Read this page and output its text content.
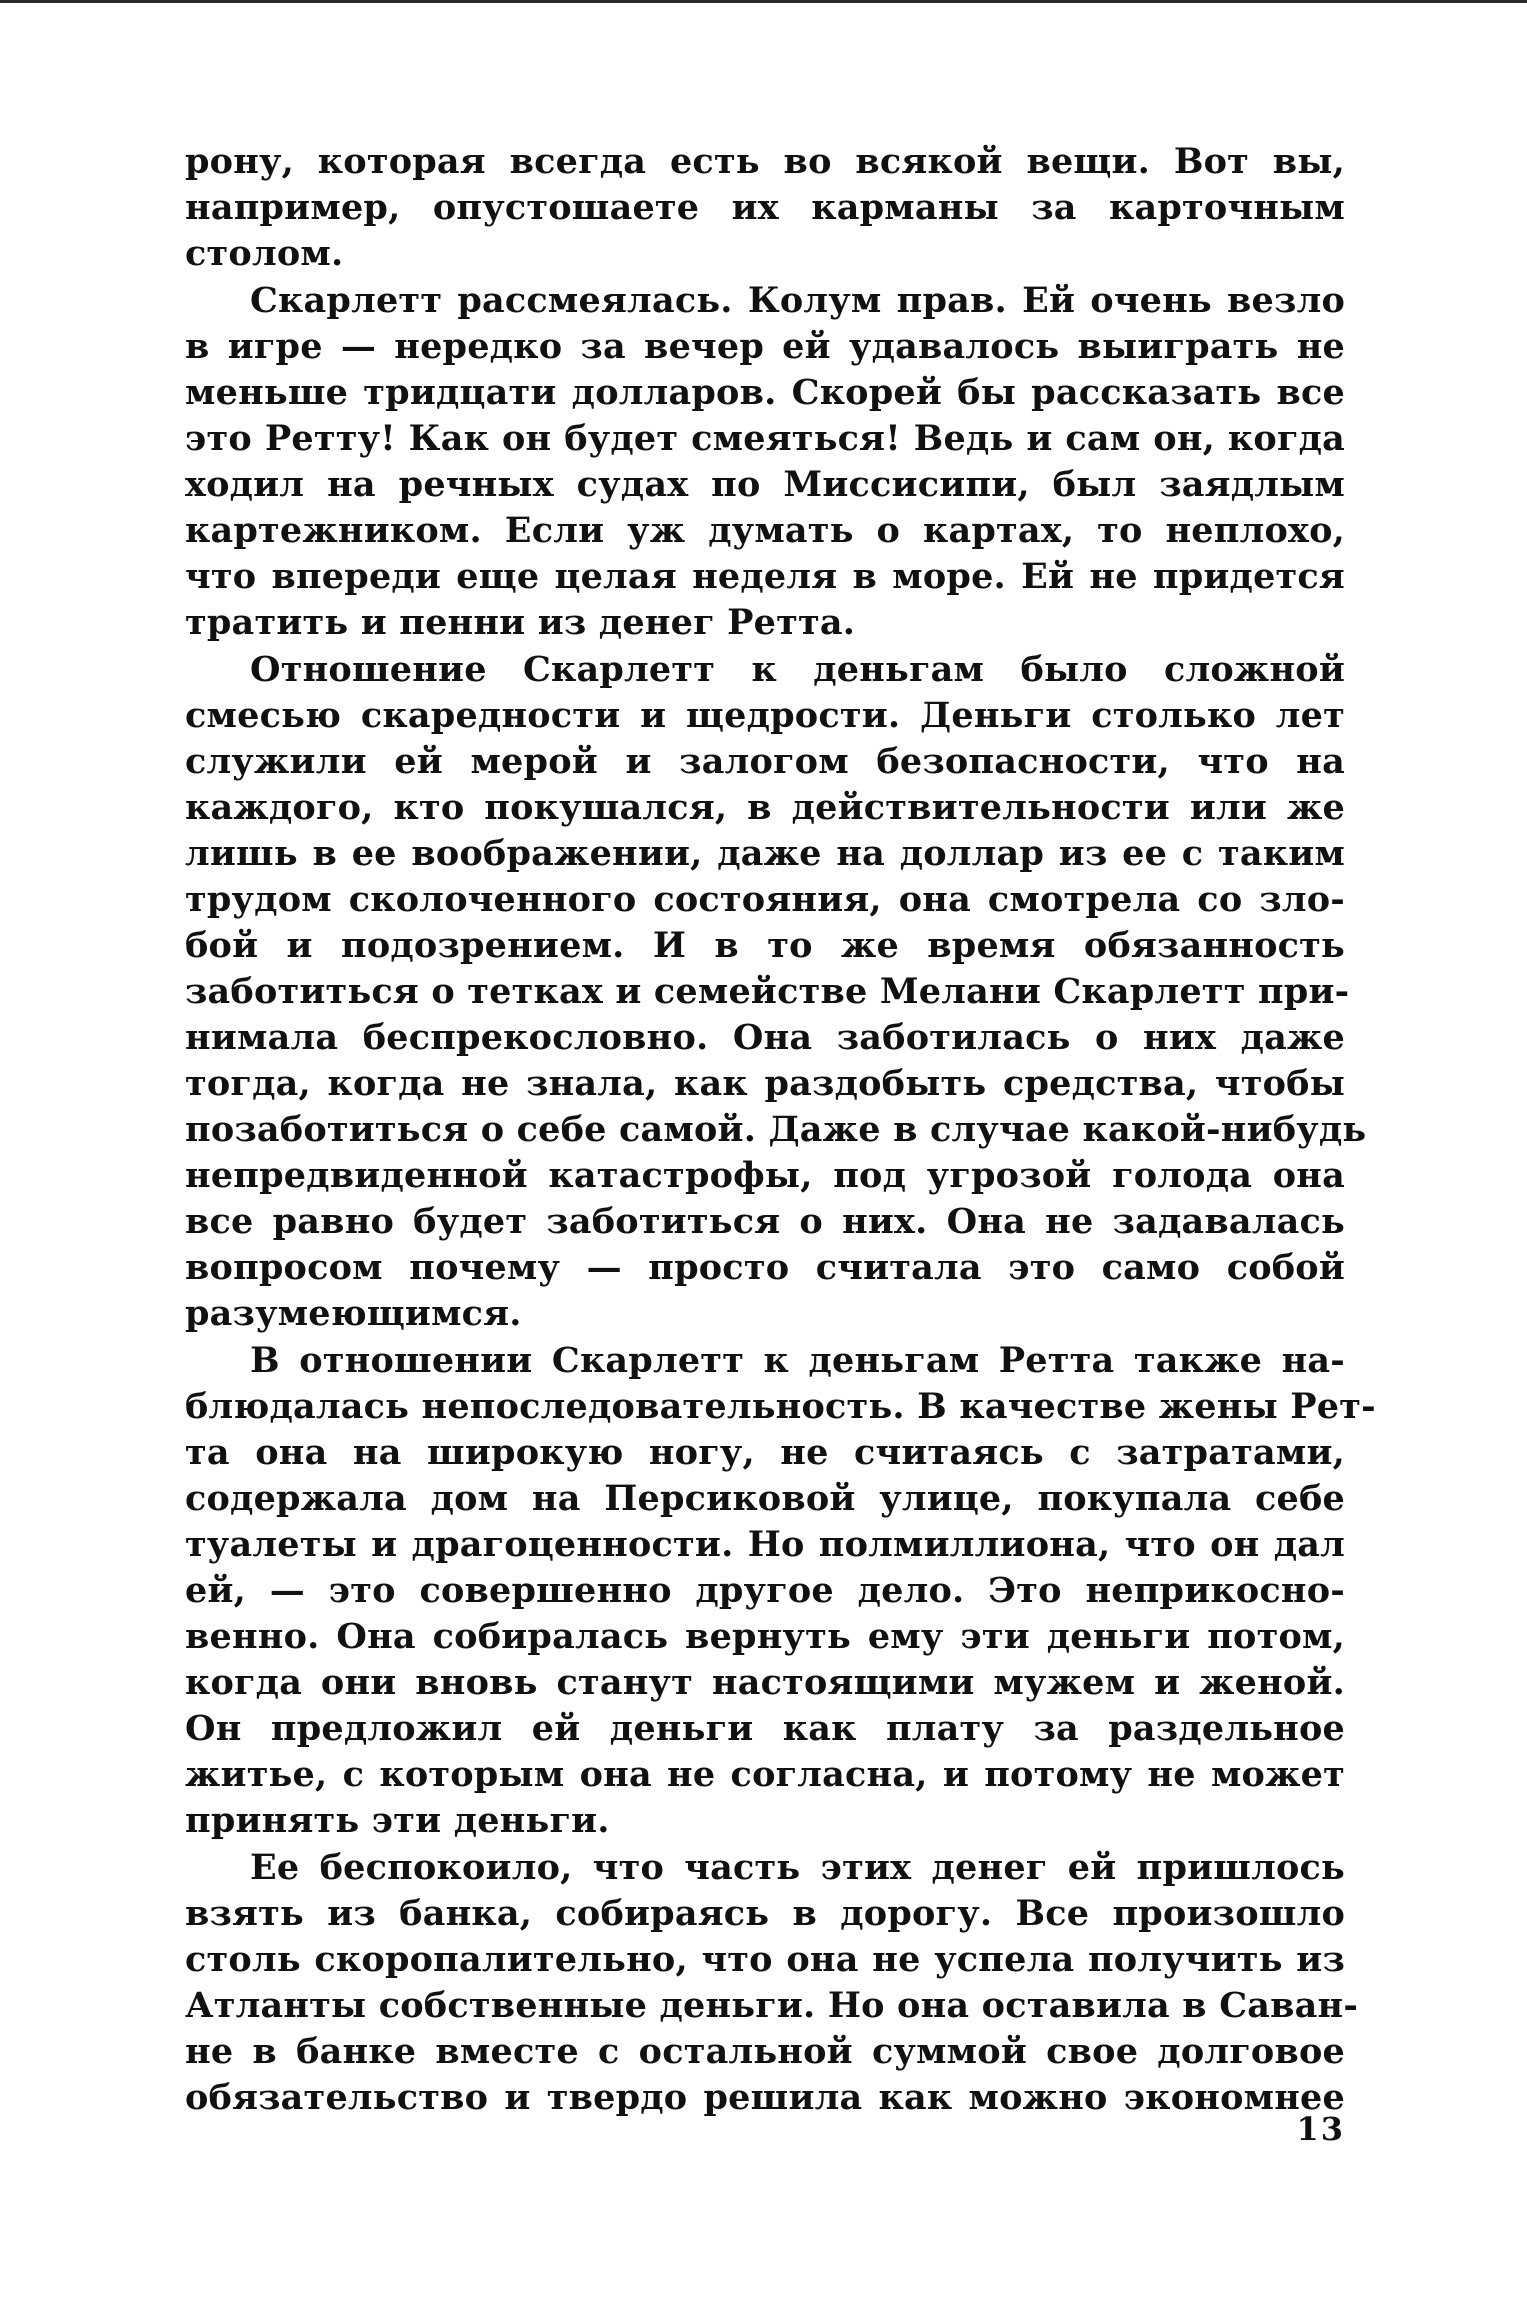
рону, которая всегда есть во всякой вещи. Вот вы,
например, опустошаете их карманы за карточным
столом.
Скарлетт рассмеялась. Колум прав. Ей очень везло
в игре — нередко за вечер ей удавалось выиграть не
меньше тридцати долларов. Скорей бы рассказать все
это Ретту! Как он будет смеяться! Ведь и сам он, когда
ходил на речных судах по Миссисипи, был заядлым
картежником. Если уж думать о картах, то неплохо,
что впереди еще целая неделя в море. Ей не придется
тратить и пенни из денег Ретта.
Отношение Скарлетт к деньгам было сложной
смесью скаредности и щедрости. Деньги столько лет
служили ей мерой и залогом безопасности, что на
каждого, кто покушался, в действительности или же
лишь в ее воображении, даже на доллар из ее с таким
трудом сколоченного состояния, она смотрела со зло-
бой и подозрением. И в то же время обязанность
заботиться о тетках и семействе Мелани Скарлетт при-
нимала беспрекословно. Она заботилась о них даже
тогда, когда не знала, как раздобыть средства, чтобы
позаботиться о себе самой. Даже в случае какой-нибудь
непредвиденной катастрофы, под угрозой голода она
все равно будет заботиться о них. Она не задавалась
вопросом почему — просто считала это само собой
разумеющимся.
В отношении Скарлетт к деньгам Ретта также на-
блюдалась непоследовательность. В качестве жены Рет-
та она на широкую ногу, не считаясь с затратами,
содержала дом на Персиковой улице, покупала себе
туалеты и драгоценности. Но полмиллиона, что он дал
ей, — это совершенно другое дело. Это неприкосно-
венно. Она собиралась вернуть ему эти деньги потом,
когда они вновь станут настоящими мужем и женой.
Он предложил ей деньги как плату за раздельное
житье, с которым она не согласна, и потому не может
принять эти деньги.
Ее беспокоило, что часть этих денег ей пришлось
взять из банка, собираясь в дорогу. Все произошло
столь скоропалительно, что она не успела получить из
Атланты собственные деньги. Но она оставила в Саван-
не в банке вместе с остальной суммой свое долговое
обязательство и твердо решила как можно экономнее
13
